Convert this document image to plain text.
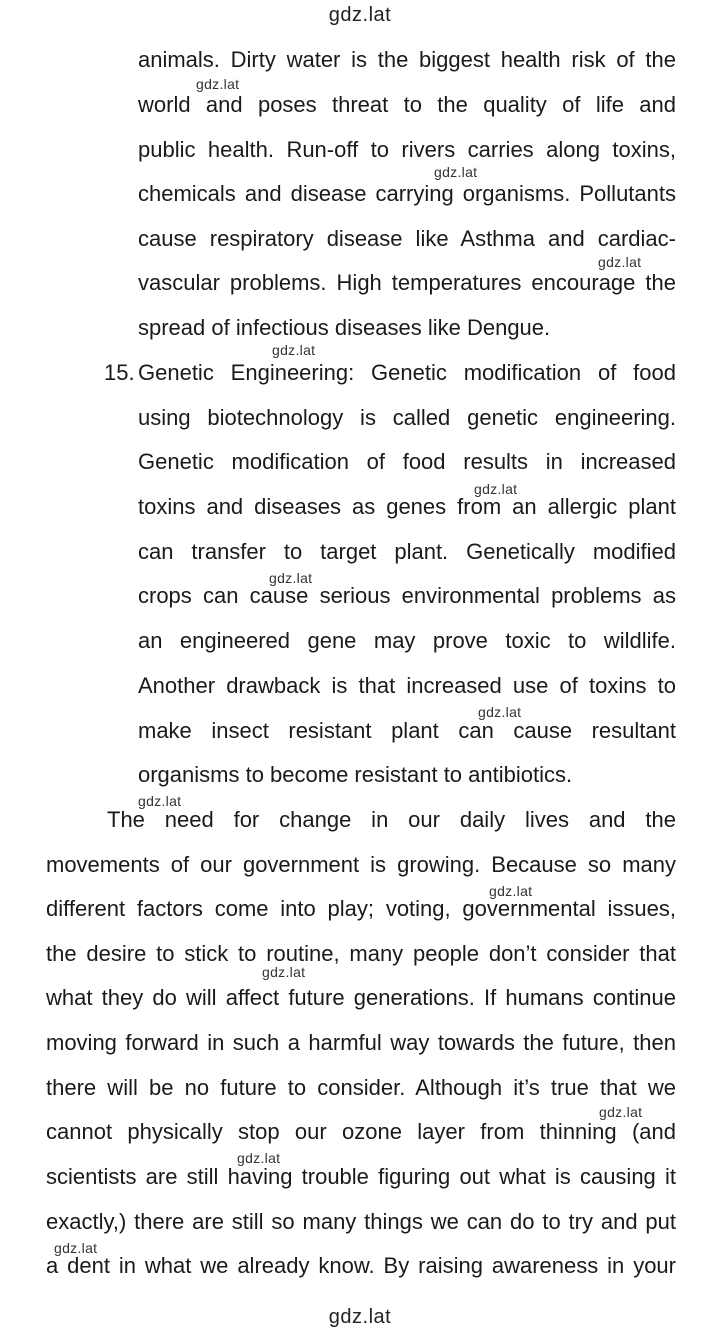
gdz.lat
gdz.lat
animals. Dirty water is the biggest health risk of the
world and poses threat to the quality of life and
public health. Run-off to rivers carries along toxins,
chemicals and disease carrying organisms. Pollutants
cause respiratory disease like Asthma and cardiac-
vascular problems. High temperatures encourage the
spread of infectious diseases like Dengue.
15. Genetic Engineering: Genetic modification of food
using biotechnology is called genetic engineering.
Genetic modification of food results in increased
toxins and diseases as genes from an allergic plant
can transfer to target plant. Genetically modified
crops can cause serious environmental problems as
an engineered gene may prove toxic to wildlife.
Another drawback is that increased use of toxins to
make insect resistant plant can cause resultant
organisms to become resistant to antibiotics.
The need for change in our daily lives and the
movements of our government is growing. Because so many
different factors come into play; voting, governmental issues,
the desire to stick to routine, many people don’t consider that
what they do will affect future generations. If humans continue
moving forward in such a harmful way towards the future, then
there will be no future to consider. Although it’s true that we
cannot physically stop our ozone layer from thinning (and
scientists are still having trouble figuring out what is causing it
exactly,) there are still so many things we can do to try and put
a dent in what we already know. By raising awareness in your
gdz.lat
gdz.lat
gdz.lat
gdz.lat
gdz.lat
gdz.lat
gdz.lat
gdz.lat
gdz.lat
gdz.lat
gdz.lat
gdz.lat
gdz.lat
